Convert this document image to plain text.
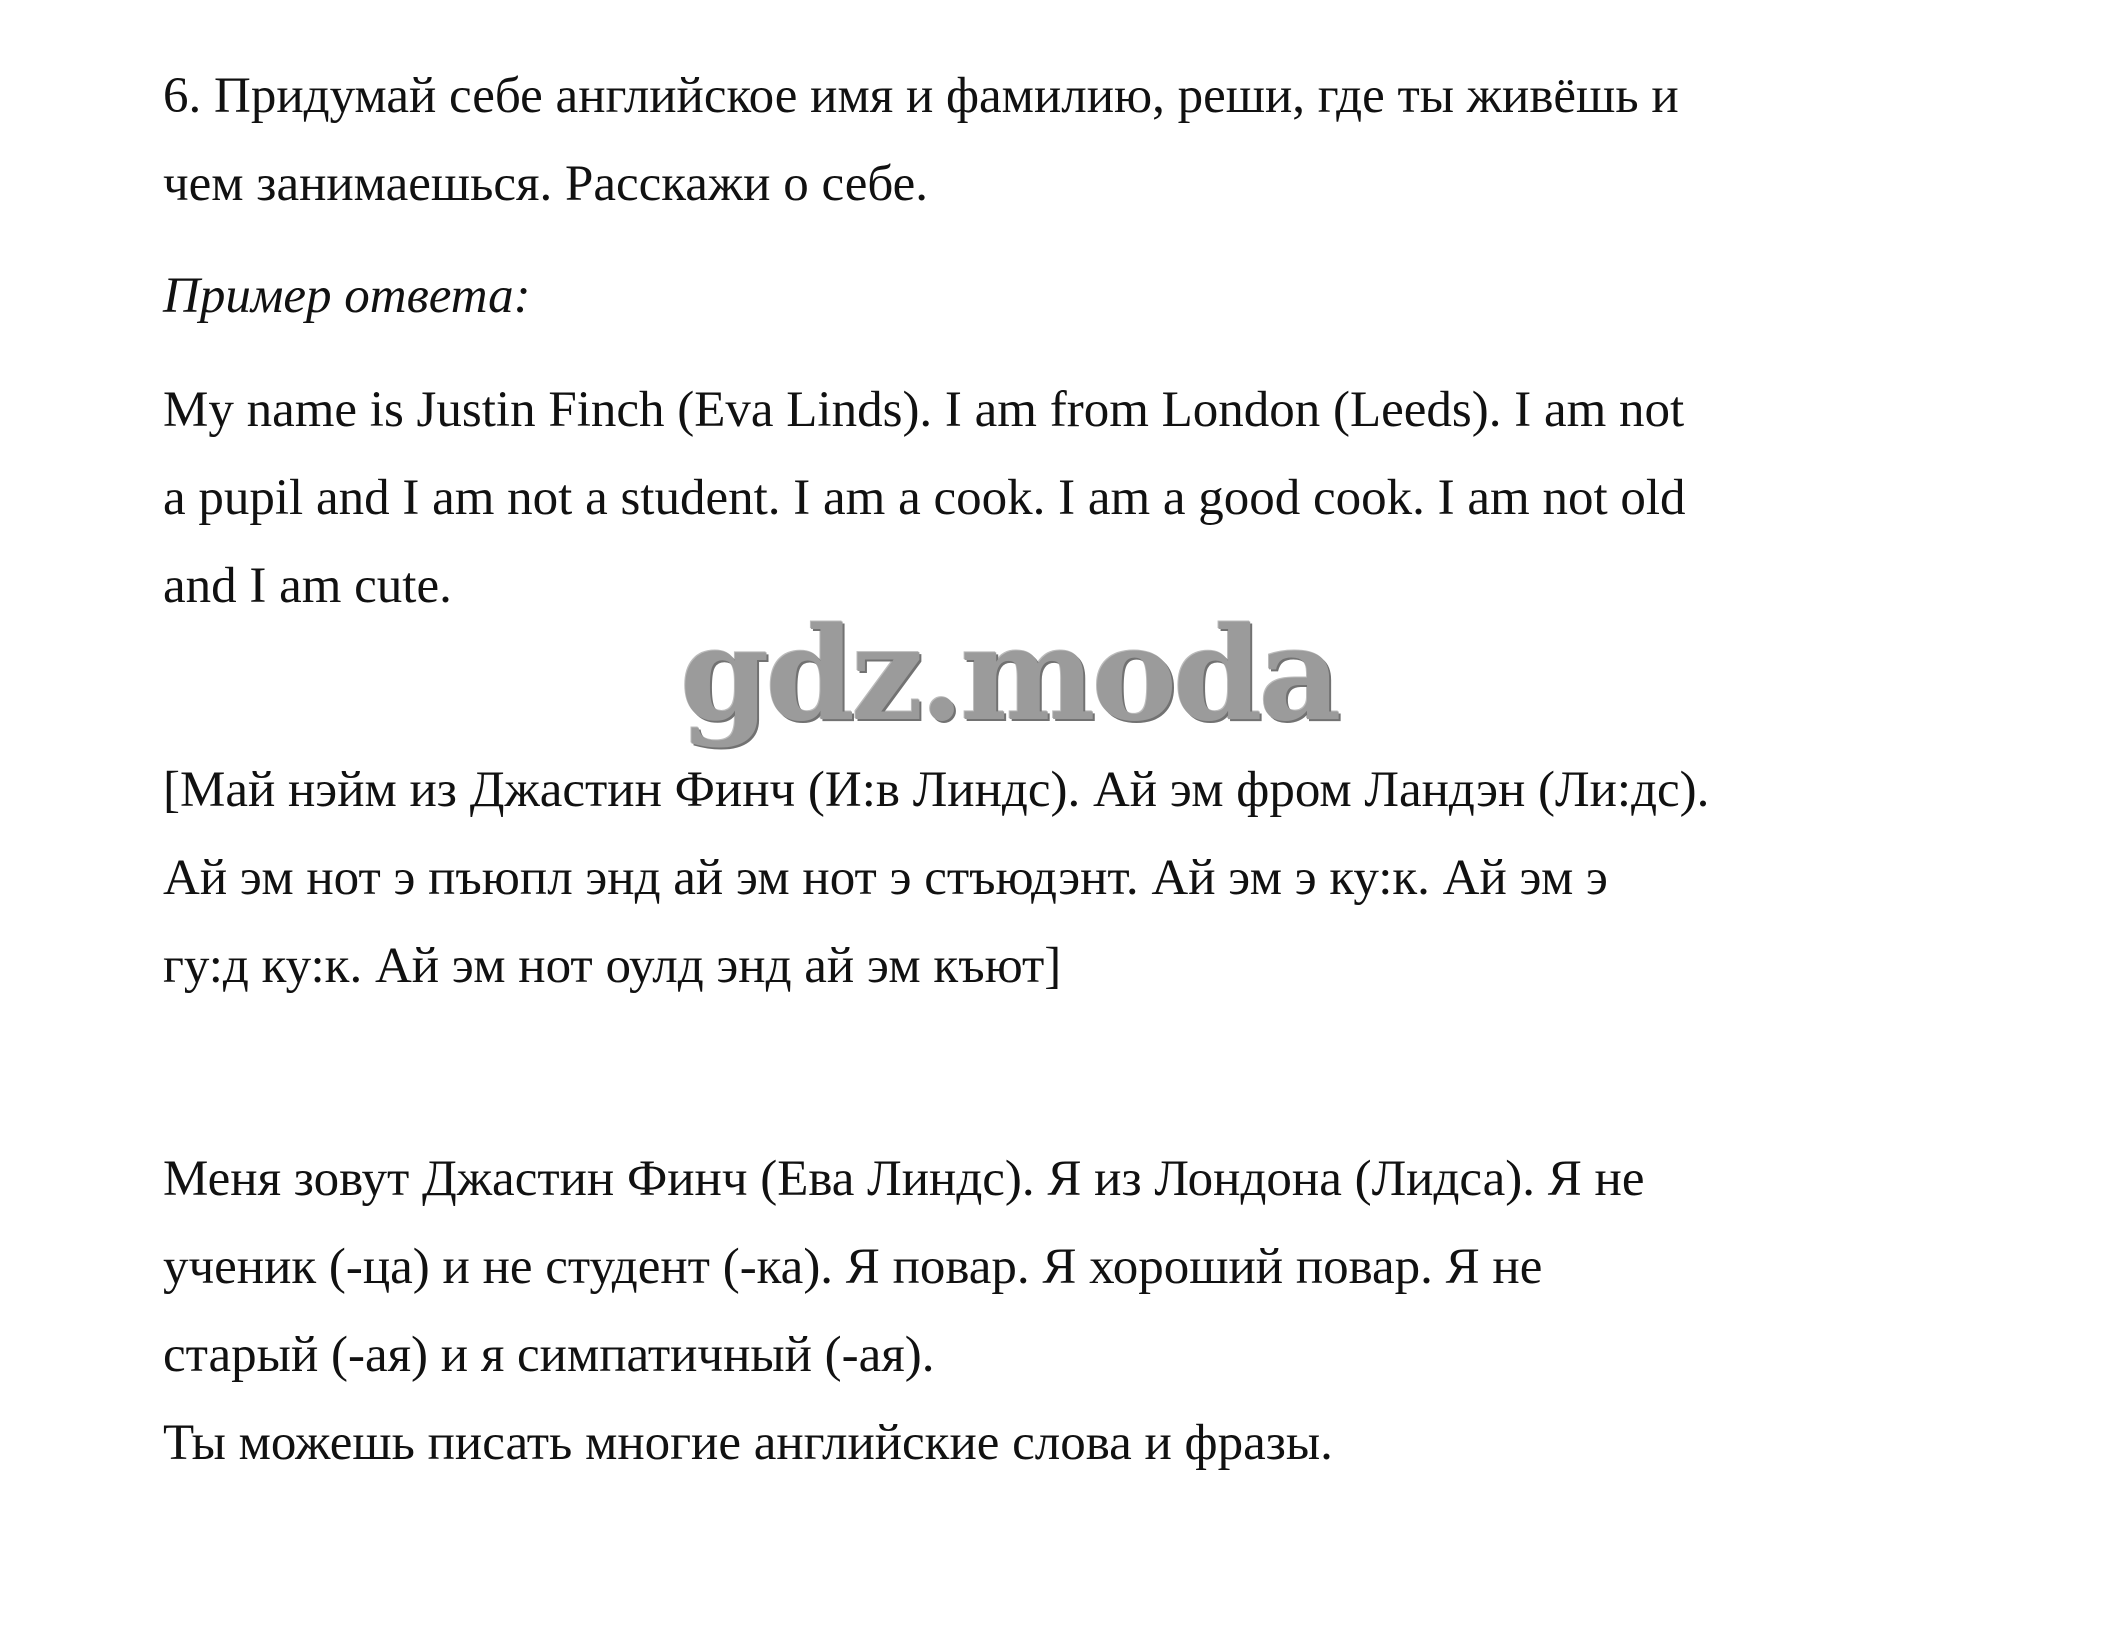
6. Придумай себе английское имя и фамилию, реши, где ты живёшь и

чем занимаешься. Расскажи о себе.

Пример ответа:

My name is Justin Finch (Eva Linds). I am from London (Leeds). I am not

a pupil and I am not a student. I am a cook. I am a good cook. I am not old

and I am cute.

[Май нэйм из Джастин Финч (И:в Линдс). Ай эм фром Ландэн (Ли:дс).

Ай эм нот э пъюпл энд ай эм нот э стъюдэнт. Ай эм э ку:к. Ай эм э

гу:д ку:к. Ай эм нот оулд энд ай эм къют]

Меня зовут Джастин Финч (Ева Линдс). Я из Лондона (Лидса). Я не

ученик (-ца) и не студент (-ка). Я повар. Я хороший повар. Я не

старый (-ая) и я симпатичный (-ая).

Ты можешь писать многие английские слова и фразы.

gdz.moda
